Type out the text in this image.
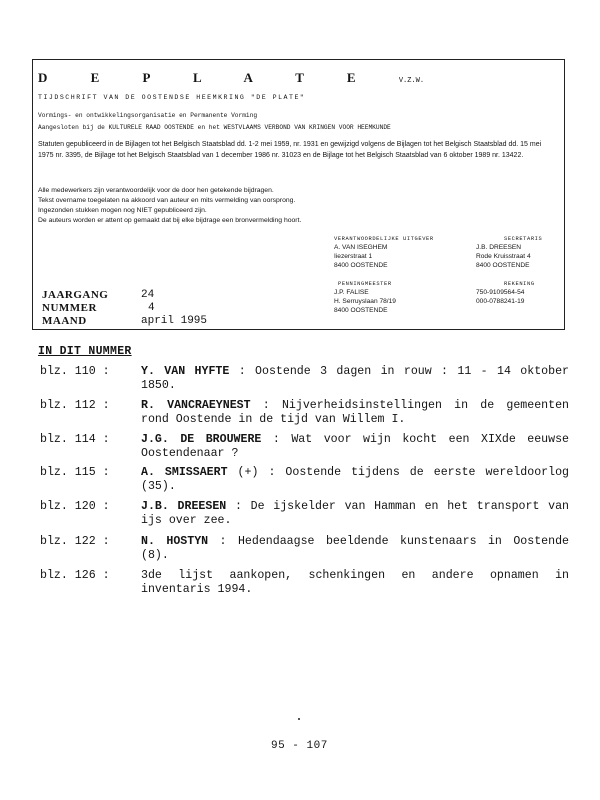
D E P L A T E	V.Z.W.
TIJDSCHRIFT VAN DE OOSTENDSE HEEMKRING "DE PLATE"
Vormings- en ontwikkelingsorganisatie en Permanente Vorming
Aangesloten bij de KULTURELE RAAD OOSTENDE en het WESTVLAAMS VERBOND VAN KRINGEN VOOR HEEMKUNDE
Statuten gepubliceerd in de Bijlagen tot het Belgisch Staatsblad dd. 1-2 mei 1959, nr. 1931 en gewijzigd volgens de Bijlagen tot het Belgisch Staatsblad dd. 15 mei 1975 nr. 3395, de Bijlage tot het Belgisch Staatsblad van 1 december 1986 nr. 31023 en de Bijlage tot het Belgisch Staatsblad van 6 oktober 1989 nr. 13422.
Alle medewerkers zijn verantwoordelijk voor de door hen getekende bijdragen.
Tekst overname toegelaten na akkoord van auteur en mits vermelding van oorsprong.
Ingezonden stukken mogen nog NIET gepubliceerd zijn.
De auteurs worden er attent op gemaakt dat bij elke bijdrage een bronvermelding hoort.
VERANTWOORDELIJKE UITGEVER
A. VAN ISEGHEM
Iiezerstraat 1
8400 OOSTENDE
SECRETARIS
J.B. DREESEN
Rode Kruisstraat 4
8400 OOSTENDE
PENNINGMEESTER
J.P. FALISE
H. Serruyslaan 78/19
8400 OOSTENDE
REKENING
750-9109564-54
000-0788241-19
JAARGANG	24
NUMMER	4
MAAND	april 1995
IN DIT NUMMER
blz. 110 :	Y. VAN HYFTE : Oostende 3 dagen in rouw : 11 - 14 oktober 1850.
blz. 112 :	R. VANCRAEYNEST : Nijverheidsinstellingen in de gemeenten rond Oostende in de tijd van Willem I.
blz. 114 :	J.G. DE BROUWERE : Wat voor wijn kocht een XIXde eeuwse Oostendenaar ?
blz. 115 :	A. SMISSAERT (+) : Oostende tijdens de eerste wereldoorlog (35).
blz. 120 :	J.B. DREESEN : De ijskelder van Hamman en het transport van ijs over zee.
blz. 122 :	N. HOSTYN : Hedendaagse beeldende kunstenaars in Oostende (8).
blz. 126 :	3de lijst aankopen, schenkingen en andere opnamen in inventaris 1994.
95 - 107
